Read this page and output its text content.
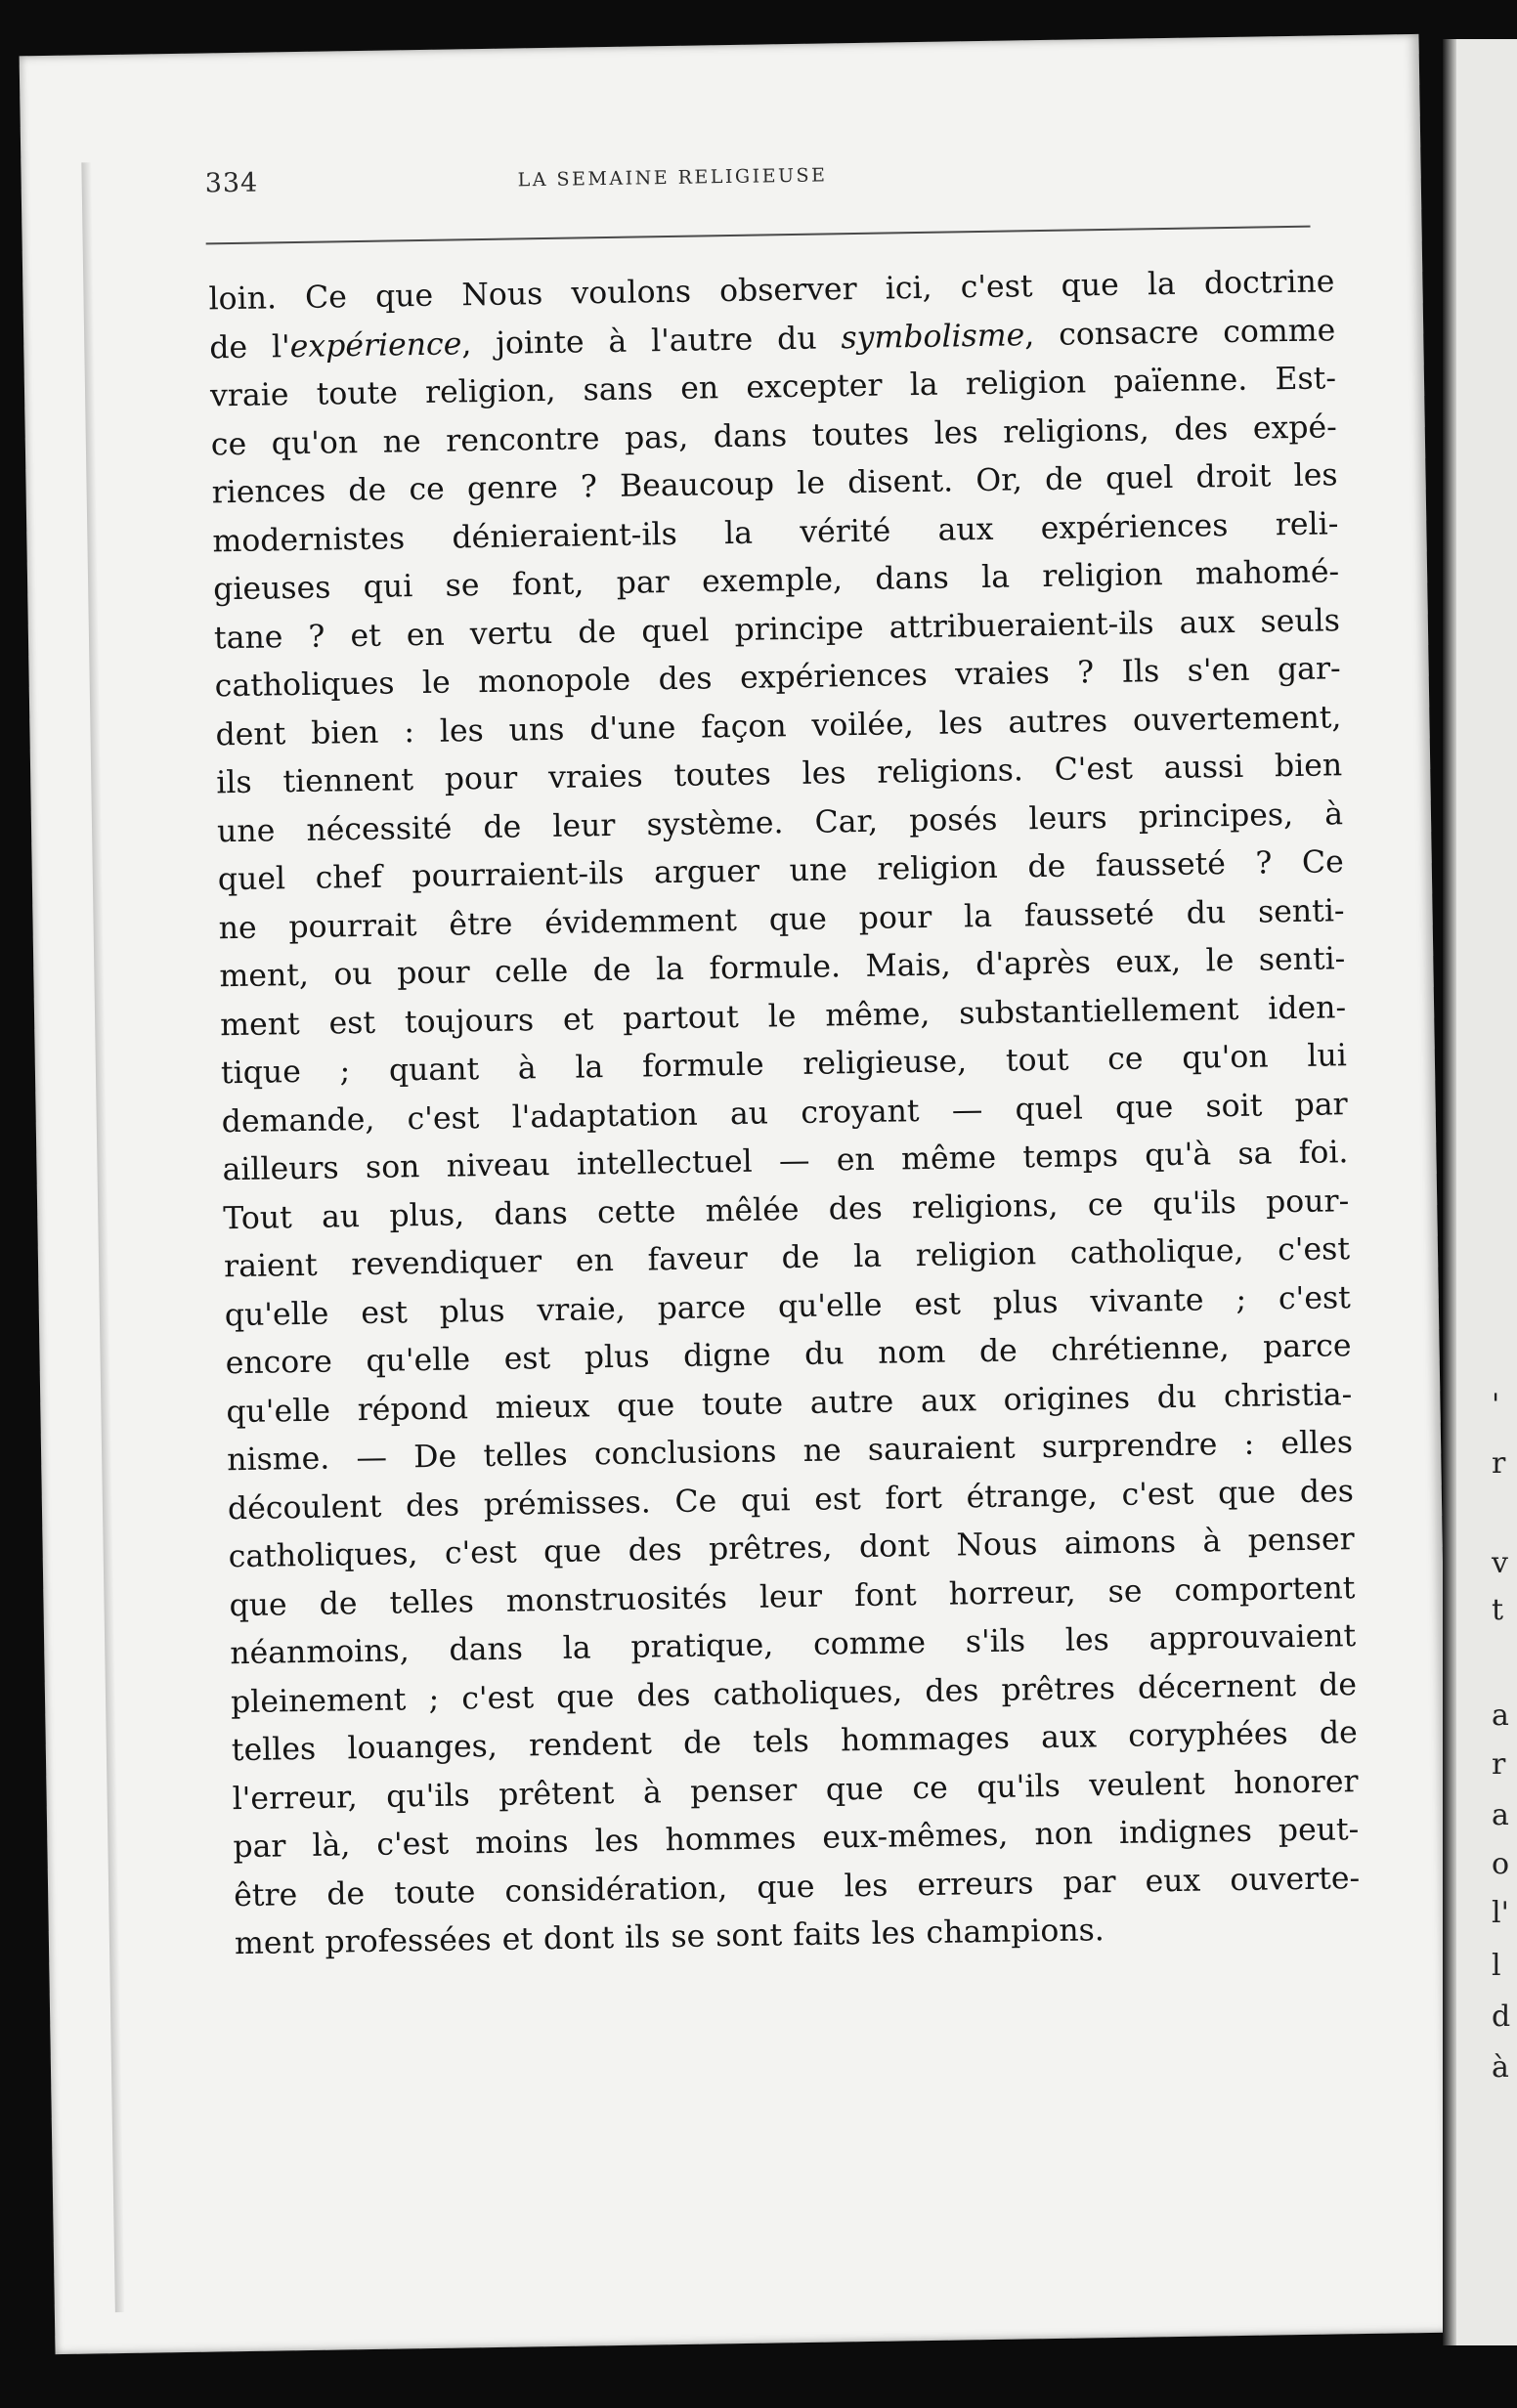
334	LA SEMAINE RELIGIEUSE
loin. Ce que Nous voulons observer ici, c'est que la doctrine
de l'expérience, jointe à l'autre du symbolisme, consacre comme
vraie toute religion, sans en excepter la religion païenne. Est-
ce qu'on ne rencontre pas, dans toutes les religions, des expé-
riences de ce genre ? Beaucoup le disent. Or, de quel droit les
modernistes dénieraient-ils la vérité aux expériences reli-
gieuses qui se font, par exemple, dans la religion mahomé-
tane ? et en vertu de quel principe attribueraient-ils aux seuls
catholiques le monopole des expériences vraies ? Ils s'en gar-
dent bien : les uns d'une façon voilée, les autres ouvertement,
ils tiennent pour vraies toutes les religions. C'est aussi bien
une nécessité de leur système. Car, posés leurs principes, à
quel chef pourraient-ils arguer une religion de fausseté ? Ce
ne pourrait être évidemment que pour la fausseté du senti-
ment, ou pour celle de la formule. Mais, d'après eux, le senti-
ment est toujours et partout le même, substantiellement iden-
tique ; quant à la formule religieuse, tout ce qu'on lui
demande, c'est l'adaptation au croyant — quel que soit par
ailleurs son niveau intellectuel — en même temps qu'à sa foi.
Tout au plus, dans cette mêlée des religions, ce qu'ils pour-
raient revendiquer en faveur de la religion catholique, c'est
qu'elle est plus vraie, parce qu'elle est plus vivante ; c'est
encore qu'elle est plus digne du nom de chrétienne, parce
qu'elle répond mieux que toute autre aux origines du christia-
nisme. — De telles conclusions ne sauraient surprendre : elles
découlent des prémisses. Ce qui est fort étrange, c'est que des
catholiques, c'est que des prêtres, dont Nous aimons à penser
que de telles monstruosités leur font horreur, se comportent
néanmoins, dans la pratique, comme s'ils les approuvaient
pleinement ; c'est que des catholiques, des prêtres décernent de
telles louanges, rendent de tels hommages aux coryphées de
l'erreur, qu'ils prêtent à penser que ce qu'ils veulent honorer
par là, c'est moins les hommes eux-mêmes, non indignes peut-
être de toute considération, que les erreurs par eux ouverte-
ment professées et dont ils se sont faits les champions.
'
r
v
t
a
r
a
o
l'
l
d
à
